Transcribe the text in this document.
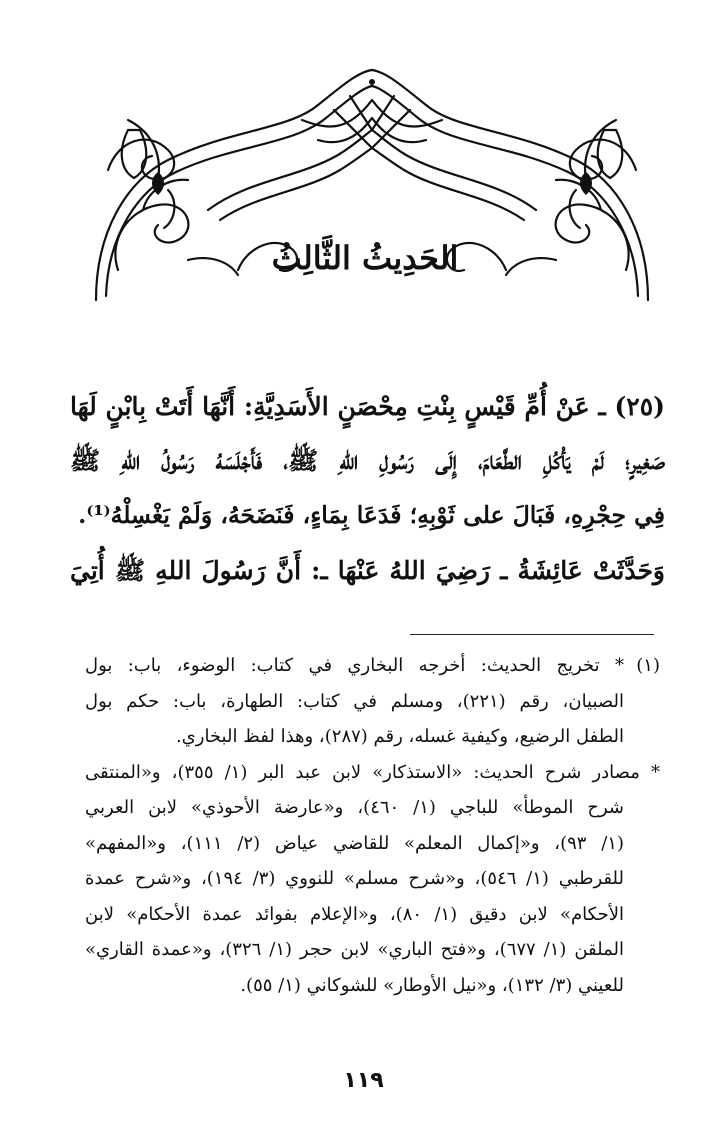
الحَدِيثُ الثَّالِثُ
(٢٥) ـ عَنْ أُمِّ قَيْسٍ بِنْتِ مِحْصَنٍ الأَسَدِيَّةِ: أَنَّهَا أَتَتْ بِابْنٍ لَهَا
صَغِيرٍ؛ لَمْ يَأْكُلِ الطَّعَامَ، إِلَى رَسُولِ اللهِ ﷺ، فَأَجْلَسَهُ رَسُولُ اللهِ ﷺ
فِي حِجْرِهِ، فَبَالَ على ثَوْبِهِ؛ فَدَعَا بِمَاءٍ، فَنَضَحَهُ، وَلَمْ يَغْسِلْهُ⁽¹⁾.
وَحَدَّثَتْ عَائِشَةُ ـ رَضِيَ اللهُ عَنْهَا ـ: أَنَّ رَسُولَ اللهِ ﷺ أُتِيَ
(١)* تخريج الحديث: أخرجه البخاري في كتاب: الوضوء، باب: بول
الصبيان، رقم (٢٢١)، ومسلم في كتاب: الطهارة، باب: حكم بول
الطفل الرضيع، وكيفية غسله، رقم (٢٨٧)، وهذا لفظ البخاري.
* مصادر شرح الحديث: «الاستذكار» لابن عبد البر (١/ ٣٥٥)، و«المنتقى
شرح الموطأ» للباجي (١/ ٤٦٠)، و«عارضة الأحوذي» لابن العربي
(١/ ٩٣)، و«إكمال المعلم» للقاضي عياض (٢/ ١١١)، و«المفهم»
للقرطبي (١/ ٥٤٦)، و«شرح مسلم» للنووي (٣/ ١٩٤)، و«شرح عمدة
الأحكام» لابن دقيق (١/ ٨٠)، و«الإعلام بفوائد عمدة الأحكام» لابن
الملقن (١/ ٦٧٧)، و«فتح الباري» لابن حجر (١/ ٣٢٦)، و«عمدة القاري»
للعيني (٣/ ١٣٢)، و«نيل الأوطار» للشوكاني (١/ ٥٥).
١١٩
